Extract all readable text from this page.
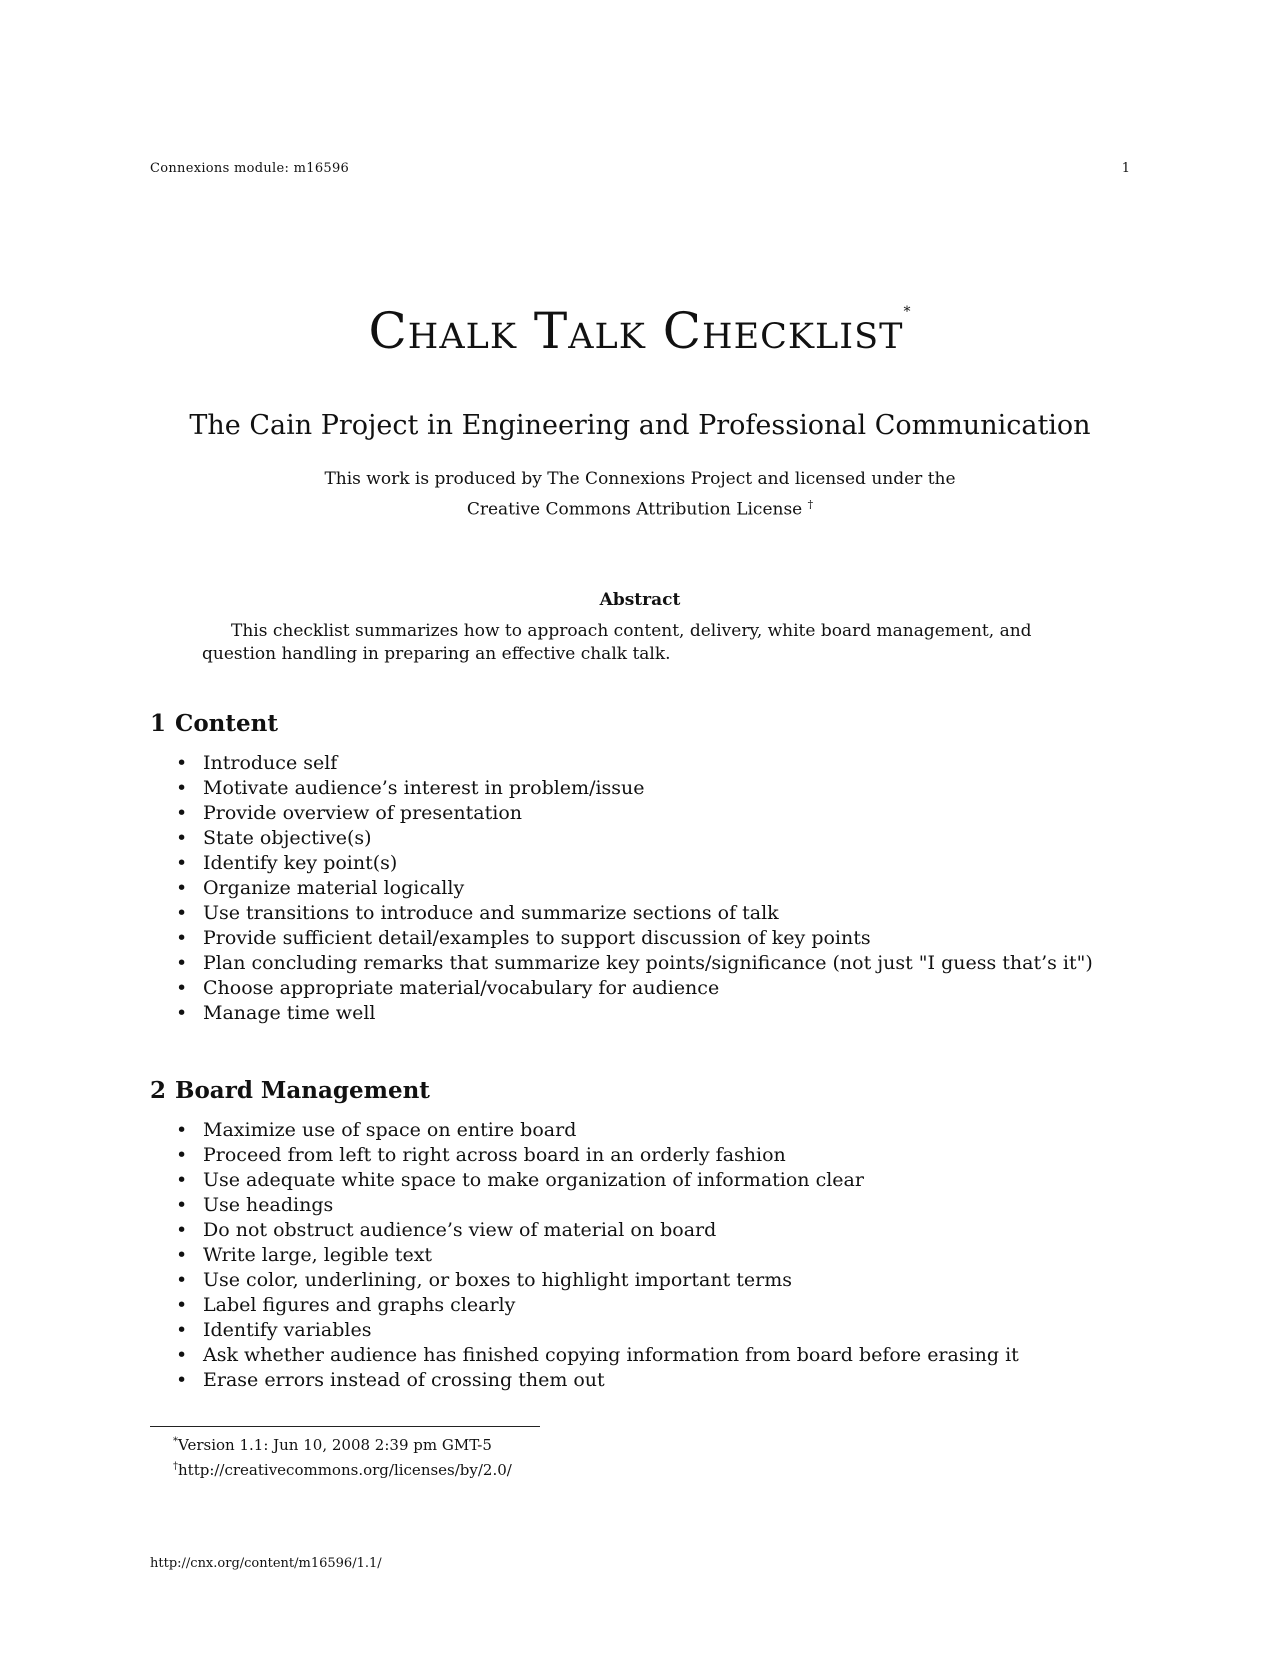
Connexions module: m16596	1
Chalk Talk Checklist*
The Cain Project in Engineering and Professional Communication
This work is produced by The Connexions Project and licensed under the
Creative Commons Attribution License †
Abstract
This checklist summarizes how to approach content, delivery, white board management, and question handling in preparing an effective chalk talk.
1 Content
• Introduce self
• Motivate audience’s interest in problem/issue
• Provide overview of presentation
• State objective(s)
• Identify key point(s)
• Organize material logically
• Use transitions to introduce and summarize sections of talk
• Provide sufficient detail/examples to support discussion of key points
• Plan concluding remarks that summarize key points/significance (not just "I guess that’s it")
• Choose appropriate material/vocabulary for audience
• Manage time well
2 Board Management
• Maximize use of space on entire board
• Proceed from left to right across board in an orderly fashion
• Use adequate white space to make organization of information clear
• Use headings
• Do not obstruct audience’s view of material on board
• Write large, legible text
• Use color, underlining, or boxes to highlight important terms
• Label figures and graphs clearly
• Identify variables
• Ask whether audience has finished copying information from board before erasing it
• Erase errors instead of crossing them out
*Version 1.1: Jun 10, 2008 2:39 pm GMT-5
†http://creativecommons.org/licenses/by/2.0/
http://cnx.org/content/m16596/1.1/
